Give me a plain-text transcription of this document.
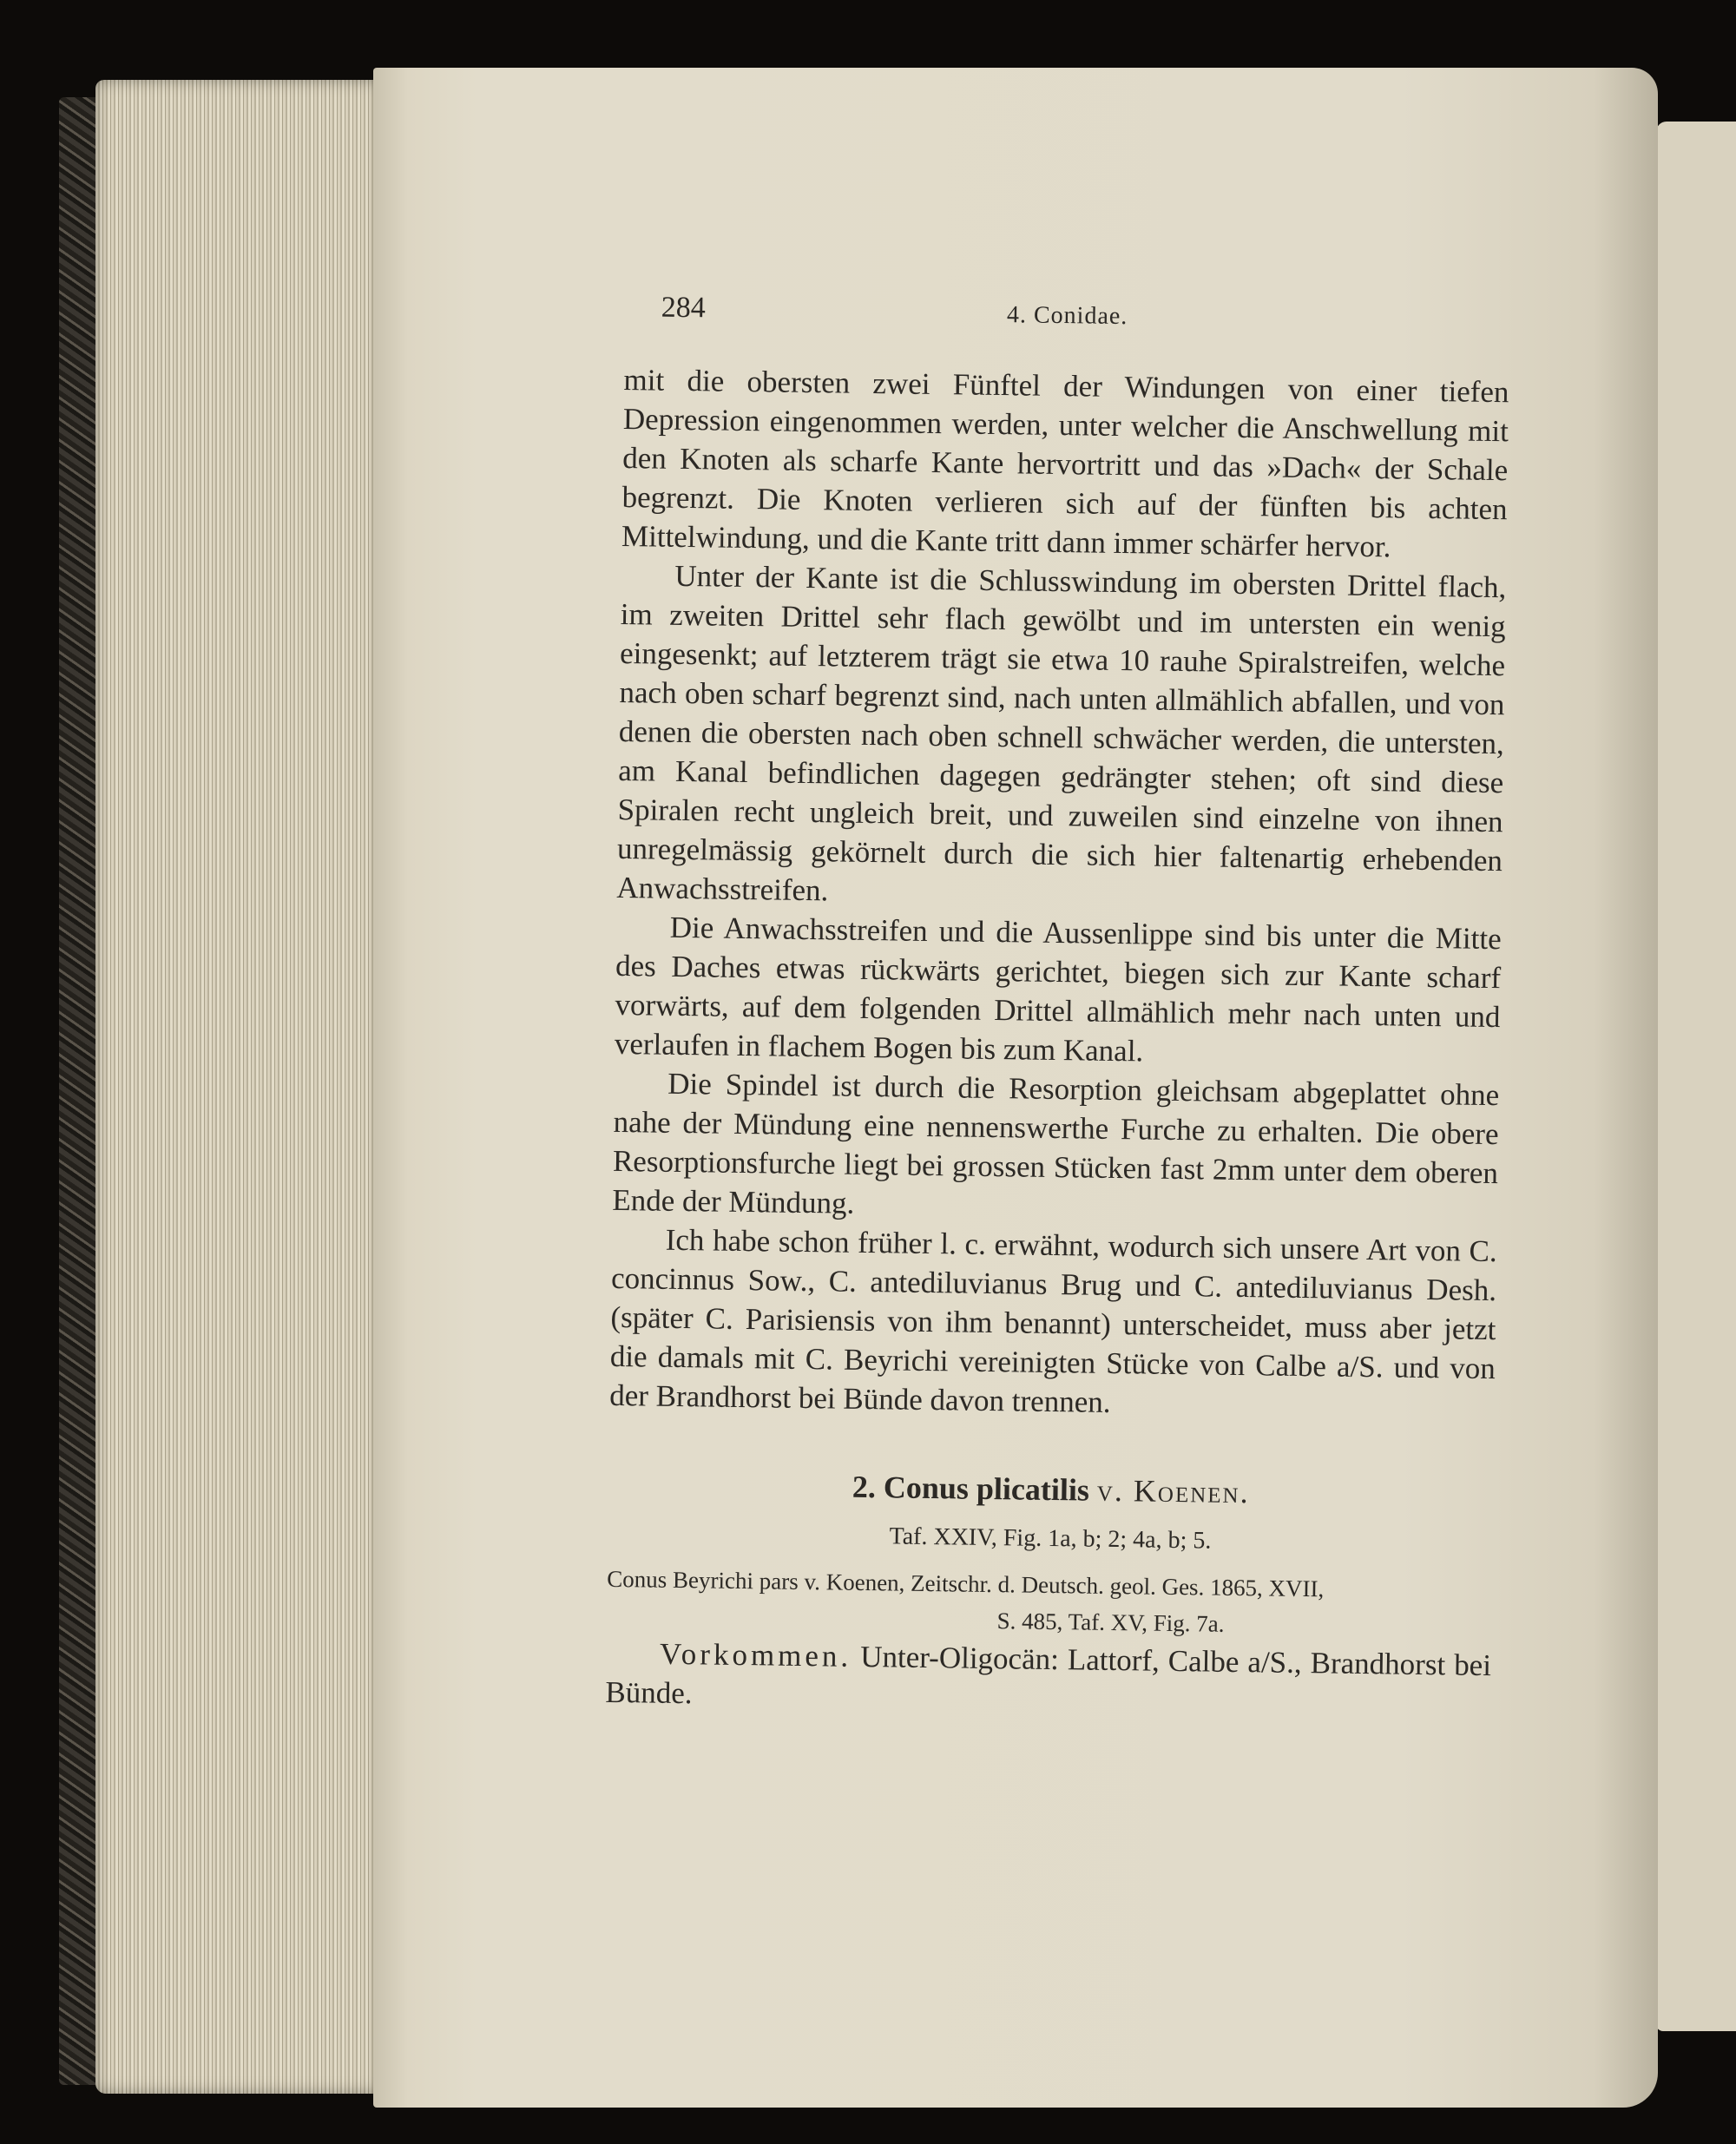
284	4. Conidae.

mit die obersten zwei Fünftel der Windungen von einer tiefen Depression eingenommen werden, unter welcher die Anschwellung mit den Knoten als scharfe Kante hervortritt und das »Dach« der Schale begrenzt. Die Knoten verlieren sich auf der fünften bis achten Mittelwindung, und die Kante tritt dann immer schärfer hervor.

Unter der Kante ist die Schlusswindung im obersten Drittel flach, im zweiten Drittel sehr flach gewölbt und im untersten ein wenig eingesenkt; auf letzterem trägt sie etwa 10 rauhe Spiralstreifen, welche nach oben scharf begrenzt sind, nach unten allmählich abfallen, und von denen die obersten nach oben schnell schwächer werden, die untersten, am Kanal befindlichen dagegen gedrängter stehen; oft sind diese Spiralen recht ungleich breit, und zuweilen sind einzelne von ihnen unregelmässig gekörnelt durch die sich hier faltenartig erhebenden Anwachsstreifen.

Die Anwachsstreifen und die Aussenlippe sind bis unter die Mitte des Daches etwas rückwärts gerichtet, biegen sich zur Kante scharf vorwärts, auf dem folgenden Drittel allmählich mehr nach unten und verlaufen in flachem Bogen bis zum Kanal.

Die Spindel ist durch die Resorption gleichsam abgeplattet ohne nahe der Mündung eine nennenswerthe Furche zu erhalten. Die obere Resorptionsfurche liegt bei grossen Stücken fast 2mm unter dem oberen Ende der Mündung.

Ich habe schon früher l. c. erwähnt, wodurch sich unsere Art von C. concinnus Sow., C. antediluvianus Brug und C. antediluvianus Desh. (später C. Parisiensis von ihm benannt) unterscheidet, muss aber jetzt die damals mit C. Beyrichi vereinigten Stücke von Calbe a/S. und von der Brandhorst bei Bünde davon trennen.

2. Conus plicatilis v. Koenen.
Taf. XXIV, Fig. 1a, b; 2; 4a, b; 5.
Conus Beyrichi pars v. Koenen, Zeitschr. d. Deutsch. geol. Ges. 1865, XVII,
S. 485, Taf. XV, Fig. 7a.

Vorkommen. Unter-Oligocän: Lattorf, Calbe a/S., Brandhorst bei Bünde.
